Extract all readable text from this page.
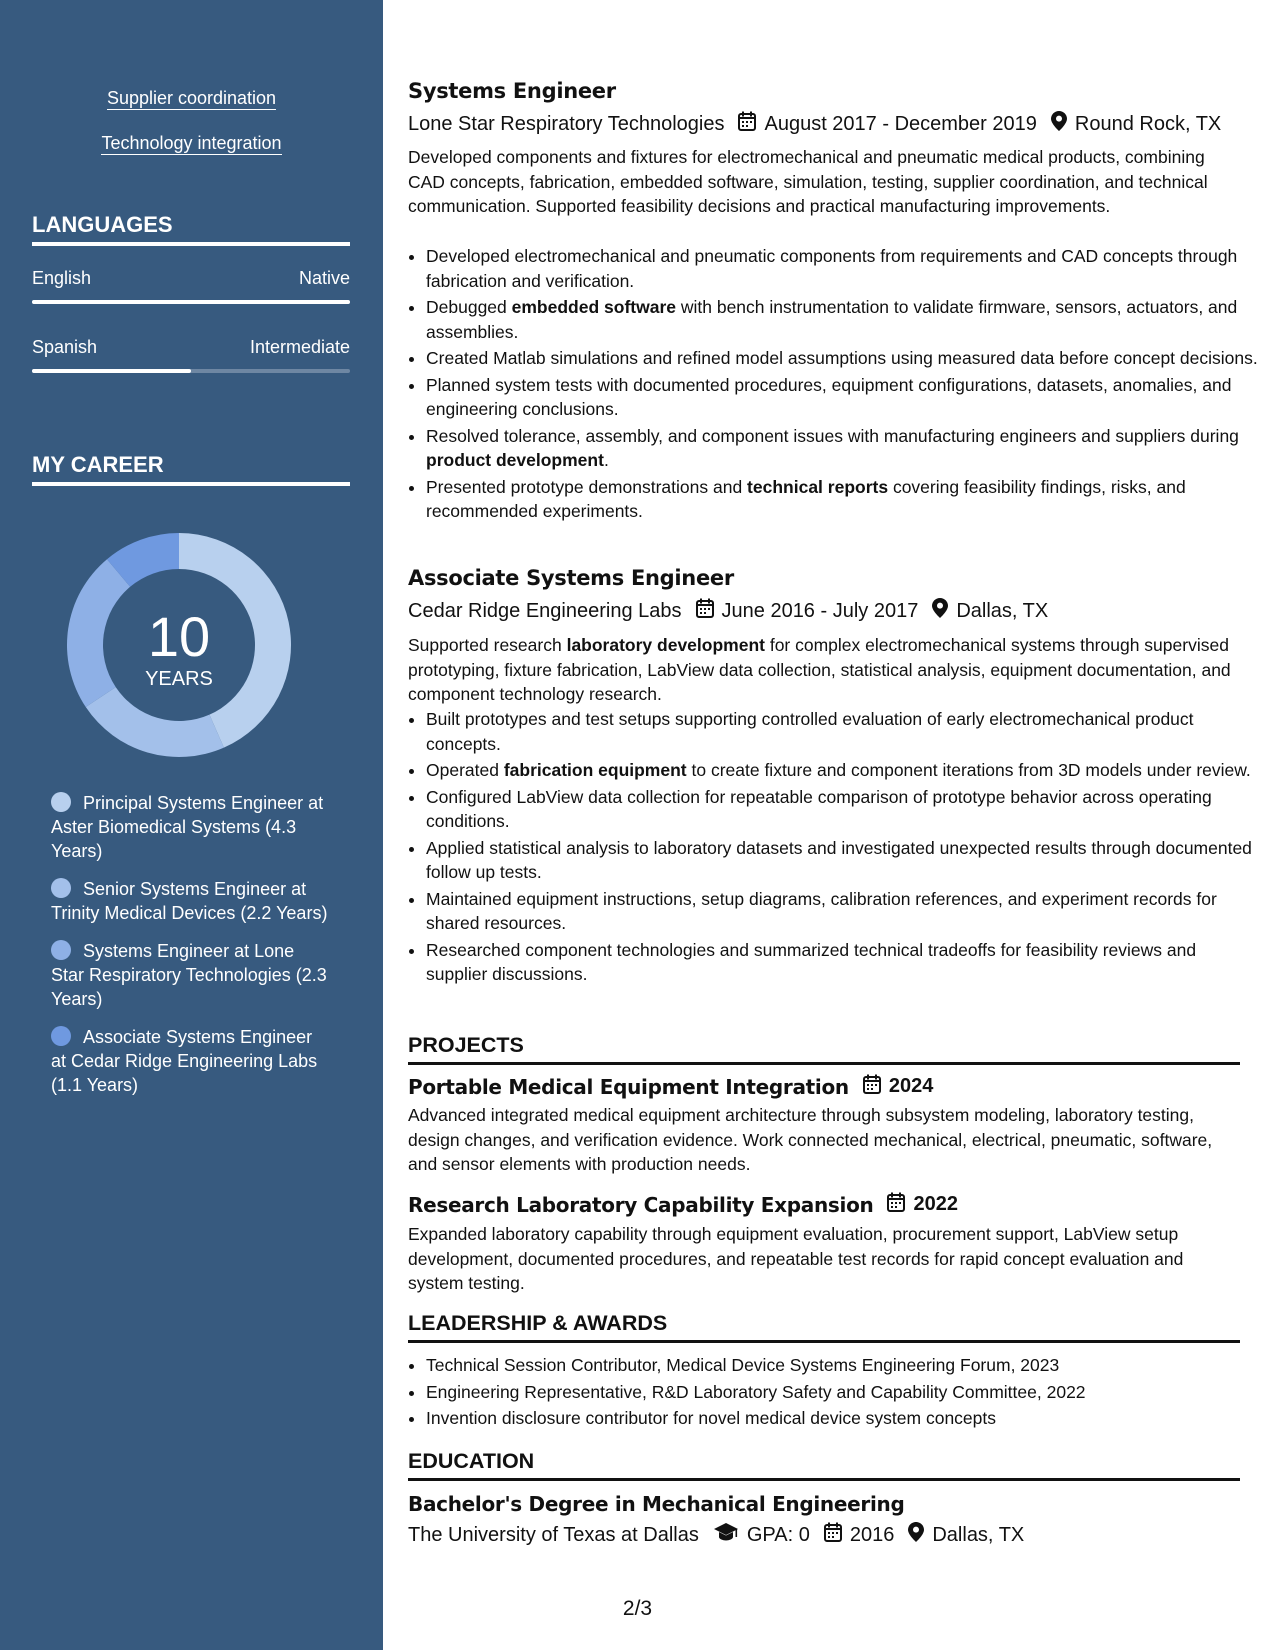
Supplier coordination
Technology integration
LANGUAGES
English	Native
Spanish	Intermediate
MY CAREER
10
YEARS
Principal Systems Engineer at Aster Biomedical Systems (4.3 Years)
Senior Systems Engineer at Trinity Medical Devices (2.2 Years)
Systems Engineer at Lone Star Respiratory Technologies (2.3 Years)
Associate Systems Engineer at Cedar Ridge Engineering Labs (1.1 Years)
Systems Engineer
Lone Star Respiratory Technologies August 2017 - December 2019 Round Rock, TX
Developed components and fixtures for electromechanical and pneumatic medical products, combining CAD concepts, fabrication, embedded software, simulation, testing, supplier coordination, and technical communication. Supported feasibility decisions and practical manufacturing improvements.
• Developed electromechanical and pneumatic components from requirements and CAD concepts through fabrication and verification.
• Debugged embedded software with bench instrumentation to validate firmware, sensors, actuators, and assemblies.
• Created Matlab simulations and refined model assumptions using measured data before concept decisions.
• Planned system tests with documented procedures, equipment configurations, datasets, anomalies, and engineering conclusions.
• Resolved tolerance, assembly, and component issues with manufacturing engineers and suppliers during product development.
• Presented prototype demonstrations and technical reports covering feasibility findings, risks, and recommended experiments.
Associate Systems Engineer
Cedar Ridge Engineering Labs June 2016 - July 2017 Dallas, TX
Supported research laboratory development for complex electromechanical systems through supervised prototyping, fixture fabrication, LabView data collection, statistical analysis, equipment documentation, and component technology research.
• Built prototypes and test setups supporting controlled evaluation of early electromechanical product concepts.
• Operated fabrication equipment to create fixture and component iterations from 3D models under review.
• Configured LabView data collection for repeatable comparison of prototype behavior across operating conditions.
• Applied statistical analysis to laboratory datasets and investigated unexpected results through documented follow up tests.
• Maintained equipment instructions, setup diagrams, calibration references, and experiment records for shared resources.
• Researched component technologies and summarized technical tradeoffs for feasibility reviews and supplier discussions.
PROJECTS
Portable Medical Equipment Integration 2024
Advanced integrated medical equipment architecture through subsystem modeling, laboratory testing, design changes, and verification evidence. Work connected mechanical, electrical, pneumatic, software, and sensor elements with production needs.
Research Laboratory Capability Expansion 2022
Expanded laboratory capability through equipment evaluation, procurement support, LabView setup development, documented procedures, and repeatable test records for rapid concept evaluation and system testing.
LEADERSHIP & AWARDS
• Technical Session Contributor, Medical Device Systems Engineering Forum, 2023
• Engineering Representative, R&D Laboratory Safety and Capability Committee, 2022
• Invention disclosure contributor for novel medical device system concepts
EDUCATION
Bachelor's Degree in Mechanical Engineering
The University of Texas at Dallas GPA: 0 2016 Dallas, TX
2/3
